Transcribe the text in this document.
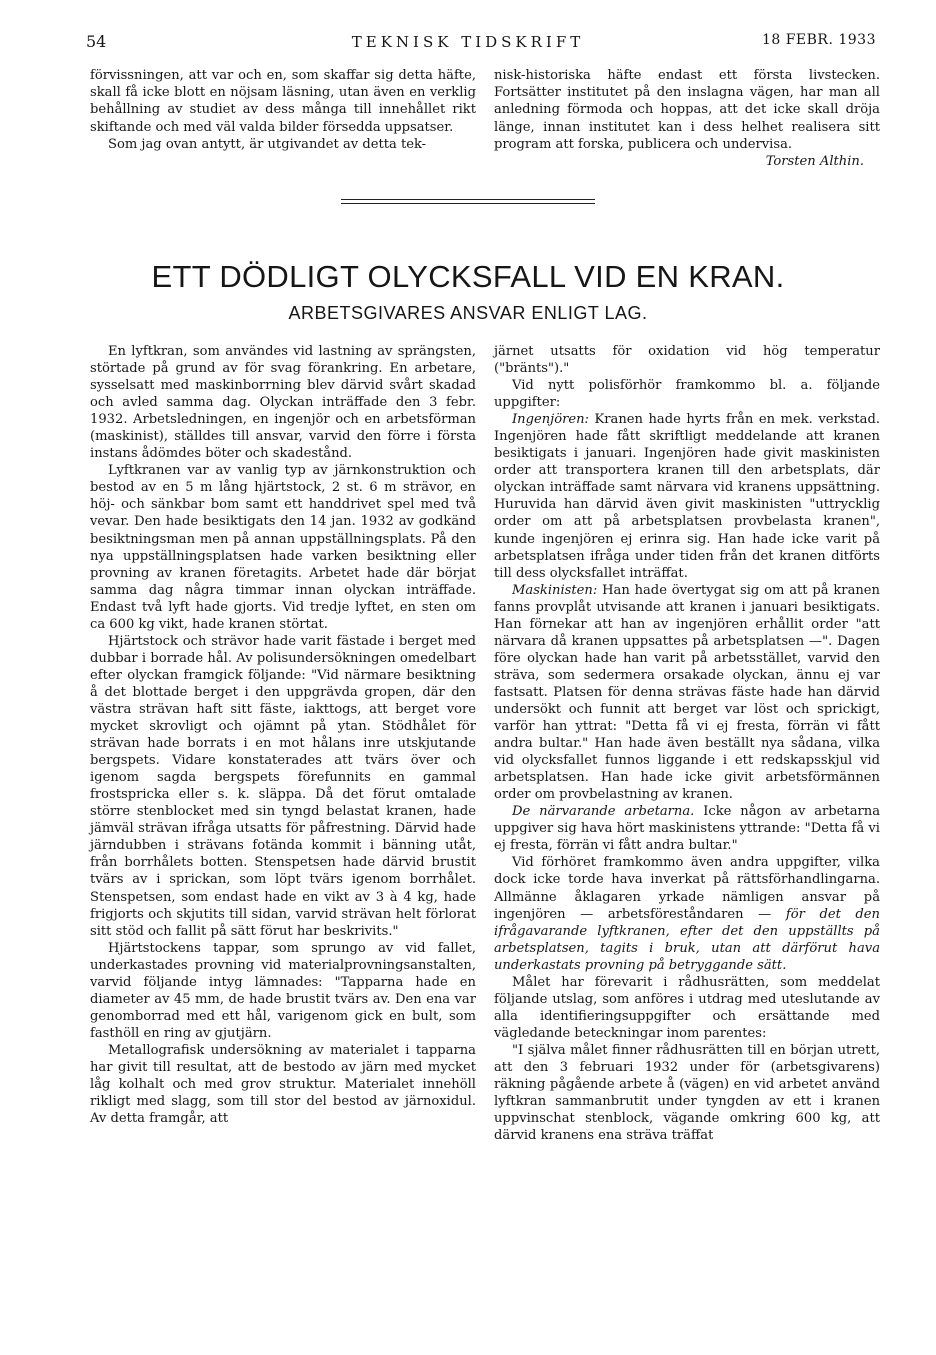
54	TEKNISK TIDSKRIFT	18 FEBR. 1933

förvissningen, att var och en, som skaffar sig detta häfte, skall få icke blott en nöjsam läsning, utan även en verklig behållning av studiet av dess många till innehållet rikt skiftande och med väl valda bilder försedda uppsatser.

Som jag ovan antytt, är utgivandet av detta tek-

nisk-historiska häfte endast ett första livstecken. Fortsätter institutet på den inslagna vägen, har man all anledning förmoda och hoppas, att det icke skall dröja länge, innan institutet kan i dess helhet realisera sitt program att forska, publicera och undervisa.
Torsten Althin.

ETT DÖDLIGT OLYCKSFALL VID EN KRAN.
ARBETSGIVARES ANSVAR ENLIGT LAG.

En lyftkran, som användes vid lastning av sprängsten, störtade på grund av för svag förankring. En arbetare, sysselsatt med maskinborrning blev därvid svårt skadad och avled samma dag. Olyckan inträffade den 3 febr. 1932. Arbetsledningen, en ingenjör och en arbetsförman (maskinist), ställdes till ansvar, varvid den förre i första instans ådömdes böter och skadestånd.

Lyftkranen var av vanlig typ av järnkonstruktion och bestod av en 5 m lång hjärtstock, 2 st. 6 m strävor, en höj- och sänkbar bom samt ett handdrivet spel med två vevar. Den hade besiktigats den 14 jan. 1932 av godkänd besiktningsman men på annan uppställningsplats. På den nya uppställningsplatsen hade varken besiktning eller provning av kranen företagits. Arbetet hade där börjat samma dag några timmar innan olyckan inträffade. Endast två lyft hade gjorts. Vid tredje lyftet, en sten om ca 600 kg vikt, hade kranen störtat.

Hjärtstock och strävor hade varit fästade i berget med dubbar i borrade hål. Av polisundersökningen omedelbart efter olyckan framgick följande: "Vid närmare besiktning å det blottade berget i den uppgrävda gropen, där den västra strävan haft sitt fäste, iakttogs, att berget vore mycket skrovligt och ojämnt på ytan. Stödhålet för strävan hade borrats i en mot hålans inre utskjutande bergspets. Vidare konstaterades att tvärs över och igenom sagda bergspets förefunnits en gammal frostspricka eller s. k. släppa. Då det förut omtalade större stenblocket med sin tyngd belastat kranen, hade jämväl strävan ifråga utsatts för påfrestning. Därvid hade järndubben i strävans fotända kommit i bänning utåt, från borrhålets botten. Stenspetsen hade därvid brustit tvärs av i sprickan, som löpt tvärs igenom borrhålet. Stenspetsen, som endast hade en vikt av 3 à 4 kg, hade frigjorts och skjutits till sidan, varvid strävan helt förlorat sitt stöd och fallit på sätt förut har beskrivits."

Hjärtstockens tappar, som sprungo av vid fallet, underkastades provning vid materialprovningsanstalten, varvid följande intyg lämnades: "Tapparna hade en diameter av 45 mm, de hade brustit tvärs av. Den ena var genomborrad med ett hål, varigenom gick en bult, som fasthöll en ring av gjutjärn.

Metallografisk undersökning av materialet i tapparna har givit till resultat, att de bestodo av järn med mycket låg kolhalt och med grov struktur. Materialet innehöll rikligt med slagg, som till stor del bestod av järnoxidul. Av detta framgår, att

järnet utsatts för oxidation vid hög temperatur ("bränts")."

Vid nytt polisförhör framkommo bl. a. följande uppgifter:

Ingenjören: Kranen hade hyrts från en mek. verkstad. Ingenjören hade fått skriftligt meddelande att kranen besiktigats i januari. Ingenjören hade givit maskinisten order att transportera kranen till den arbetsplats, där olyckan inträffade samt närvara vid kranens uppsättning. Huruvida han därvid även givit maskinisten "uttrycklig order om att på arbetsplatsen provbelasta kranen", kunde ingenjören ej erinra sig. Han hade icke varit på arbetsplatsen ifråga under tiden från det kranen ditförts till dess olycksfallet inträffat.

Maskinisten: Han hade övertygat sig om att på kranen fanns provplåt utvisande att kranen i januari besiktigats. Han förnekar att han av ingenjören erhållit order "att närvara då kranen uppsattes på arbetsplatsen —". Dagen före olyckan hade han varit på arbetsstället, varvid den sträva, som sedermera orsakade olyckan, ännu ej var fastsatt. Platsen för denna strävas fäste hade han därvid undersökt och funnit att berget var löst och sprickigt, varför han yttrat: "Detta få vi ej fresta, förrän vi fått andra bultar." Han hade även beställt nya sådana, vilka vid olycksfallet funnos liggande i ett redskapsskjul vid arbetsplatsen. Han hade icke givit arbetsförmännen order om provbelastning av kranen.

De närvarande arbetarna. Icke någon av arbetarna uppgiver sig hava hört maskinistens yttrande: "Detta få vi ej fresta, förrän vi fått andra bultar."

Vid förhöret framkommo även andra uppgifter, vilka dock icke torde hava inverkat på rättsförhandlingarna. Allmänne åklagaren yrkade nämligen ansvar på ingenjören — arbetsföreståndaren — för det den ifrågavarande lyftkranen, efter det den uppställts på arbetsplatsen, tagits i bruk, utan att därförut hava underkastats provning på betryggande sätt.

Målet har förevarit i rådhusrätten, som meddelat följande utslag, som anföres i utdrag med uteslutande av alla identifieringsuppgifter och ersättande med vägledande beteckningar inom parentes:

"I själva målet finner rådhusrätten till en början utrett, att den 3 februari 1932 under för (arbetsgivarens) räkning pågående arbete å (vägen) en vid arbetet använd lyftkran sammanbrutit under tyngden av ett i kranen uppvinschat stenblock, vägande omkring 600 kg, att därvid kranens ena sträva träffat
